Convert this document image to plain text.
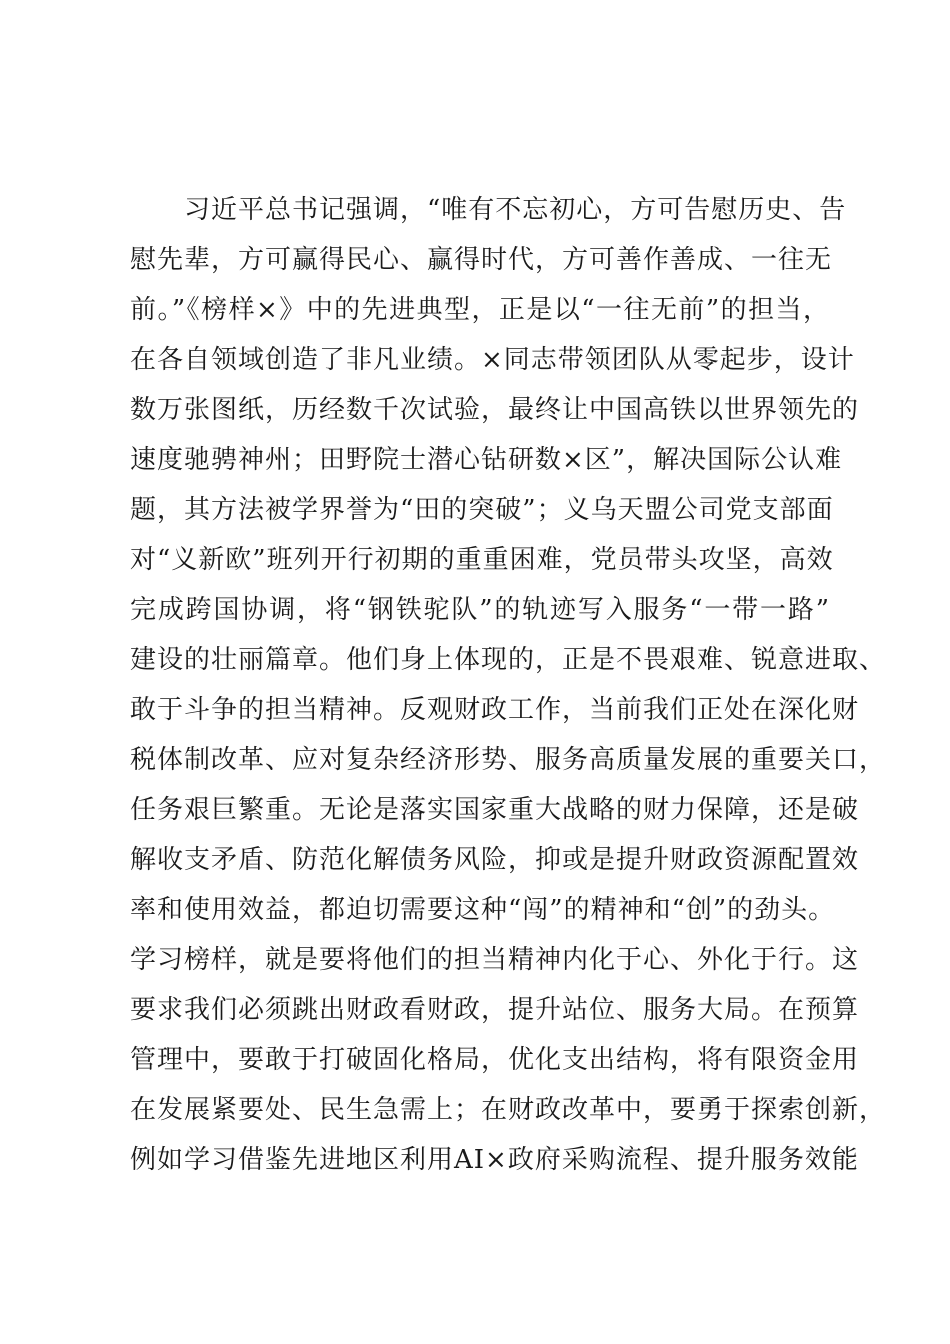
　　习近平总书记强调，“唯有不忘初心，方可告慰历史、告
慰先辈，方可赢得民心、赢得时代，方可善作善成、一往无
前。”《榜样×》中的先进典型，正是以“一往无前”的担当，
在各自领域创造了非凡业绩。×同志带领团队从零起步，设计
数万张图纸，历经数千次试验，最终让中国高铁以世界领先的
速度驰骋神州；田野院士潜心钻研数×区”，解决国际公认难
题，其方法被学界誉为“田的突破”；义乌天盟公司党支部面
对“义新欧”班列开行初期的重重困难，党员带头攻坚，高效
完成跨国协调，将“钢铁驼队”的轨迹写入服务“一带一路”
建设的壮丽篇章。他们身上体现的，正是不畏艰难、锐意进取、
敢于斗争的担当精神。反观财政工作，当前我们正处在深化财
税体制改革、应对复杂经济形势、服务高质量发展的重要关口，
任务艰巨繁重。无论是落实国家重大战略的财力保障，还是破
解收支矛盾、防范化解债务风险，抑或是提升财政资源配置效
率和使用效益，都迫切需要这种“闯”的精神和“创”的劲头。
学习榜样，就是要将他们的担当精神内化于心、外化于行。这
要求我们必须跳出财政看财政，提升站位、服务大局。在预算
管理中，要敢于打破固化格局，优化支出结构，将有限资金用
在发展紧要处、民生急需上；在财政改革中，要勇于探索创新，
例如学习借鉴先进地区利用AI×政府采购流程、提升服务效能
